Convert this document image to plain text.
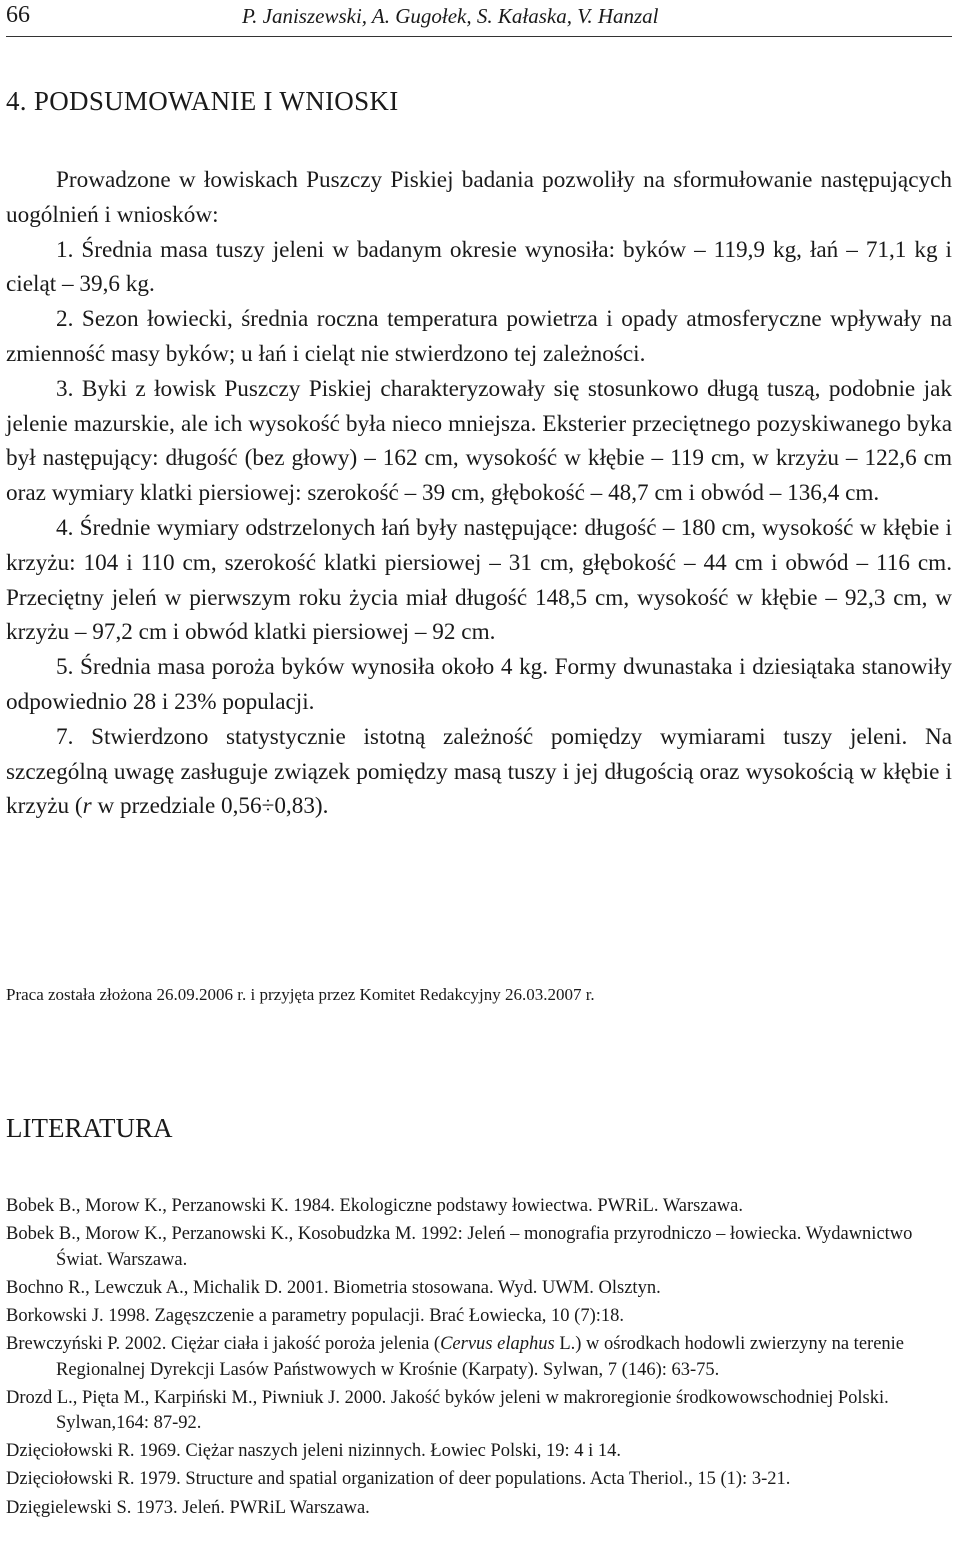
66	P. Janiszewski, A. Gugołek, S. Kałaska, V. Hanzal
4. PODSUMOWANIE I WNIOSKI

Prowadzone w łowiskach Puszczy Piskiej badania pozwoliły na sformułowanie następujących uogólnień i wniosków:

1. Średnia masa tuszy jeleni w badanym okresie wynosiła: byków – 119,9 kg, łań – 71,1 kg i cieląt – 39,6 kg.

2. Sezon łowiecki, średnia roczna temperatura powietrza i opady atmosferyczne wpływały na zmienność masy byków; u łań i cieląt nie stwierdzono tej zależności.

3. Byki z łowisk Puszczy Piskiej charakteryzowały się stosunkowo długą tuszą, podobnie jak jelenie mazurskie, ale ich wysokość była nieco mniejsza. Eksterier przeciętnego pozyskiwanego byka był następujący: długość (bez głowy) – 162 cm, wysokość w kłębie – 119 cm, w krzyżu – 122,6 cm oraz wymiary klatki piersiowej: szerokość – 39 cm, głębokość – 48,7 cm i obwód – 136,4 cm.

4. Średnie wymiary odstrzelonych łań były następujące: długość – 180 cm, wysokość w kłębie i krzyżu: 104 i 110 cm, szerokość klatki piersiowej – 31 cm, głębokość – 44 cm i obwód – 116 cm. Przeciętny jeleń w pierwszym roku życia miał długość 148,5 cm, wysokość w kłębie – 92,3 cm, w krzyżu – 97,2 cm i obwód klatki piersiowej – 92 cm.

5. Średnia masa poroża byków wynosiła około 4 kg. Formy dwunastaka i dziesiątaka stanowiły odpowiednio 28 i 23% populacji.

7. Stwierdzono statystycznie istotną zależność pomiędzy wymiarami tuszy jeleni. Na szczególną uwagę zasługuje związek pomiędzy masą tuszy i jej długością oraz wysokością w kłębie i krzyżu (r w przedziale 0,56÷0,83).

Praca została złożona 26.09.2006 r. i przyjęta przez Komitet Redakcyjny 26.03.2007 r.
LITERATURA

Bobek B., Morow K., Perzanowski K. 1984. Ekologiczne podstawy łowiectwa. PWRiL. Warszawa.

Bobek B., Morow K., Perzanowski K., Kosobudzka M. 1992: Jeleń – monografia przyrodniczo – łowiecka. Wydawnictwo Świat. Warszawa.

Bochno R., Lewczuk A., Michalik D. 2001. Biometria stosowana. Wyd. UWM. Olsztyn.

Borkowski J. 1998. Zagęszczenie a parametry populacji. Brać Łowiecka, 10 (7):18.

Brewczyński P. 2002. Ciężar ciała i jakość poroża jelenia (Cervus elaphus L.) w ośrodkach hodowli zwierzyny na terenie Regionalnej Dyrekcji Lasów Państwowych w Krośnie (Karpaty). Sylwan, 7 (146): 63-75.

Drozd L., Pięta M., Karpiński M., Piwniuk J. 2000. Jakość byków jeleni w makroregionie środkowowschodniej Polski. Sylwan,164: 87-92.

Dzięciołowski R. 1969. Ciężar naszych jeleni nizinnych. Łowiec Polski, 19: 4 i 14.

Dzięciołowski R. 1979. Structure and spatial organization of deer populations. Acta Theriol., 15 (1): 3-21.

Dzięgielewski S. 1973. Jeleń. PWRiL Warszawa.
